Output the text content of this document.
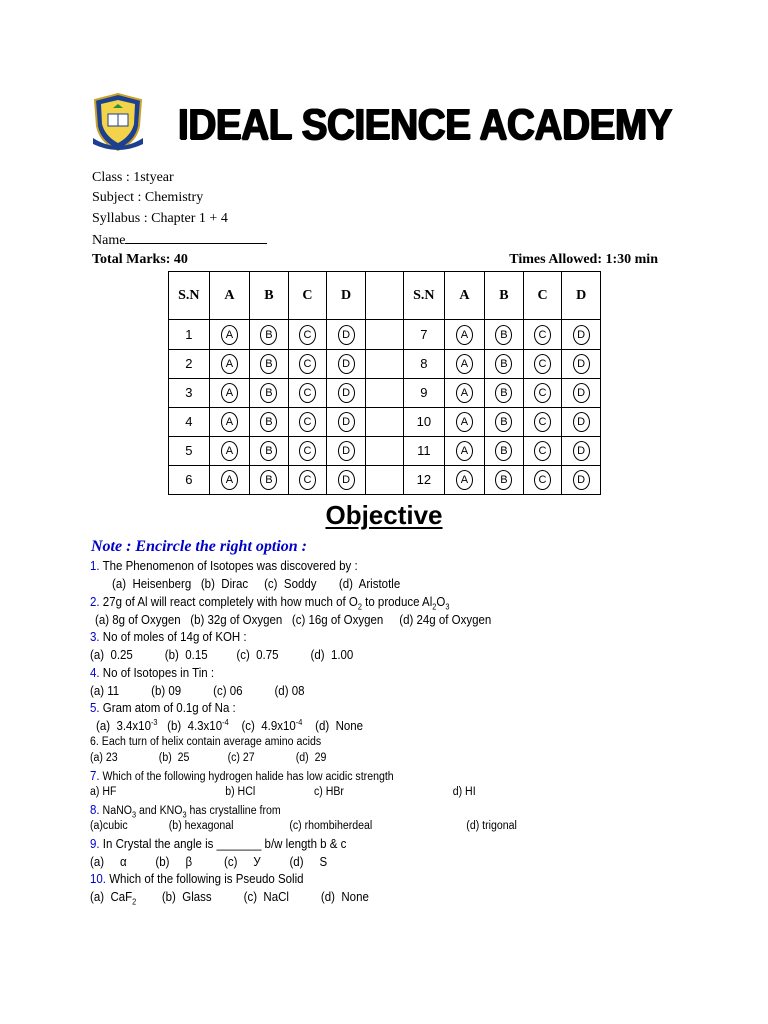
IDEAL SCIENCE ACADEMY
Class : 1styear
Subject : Chemistry
Syllabus : Chapter 1 + 4
Name
Total Marks: 40	Times Allowed: 1:30 min
S.N	A	B	C	D		S.N	A	B	C	D
1	A	B	C	D		7	A	B	C	D
2	A	B	C	D		8	A	B	C	D
3	A	B	C	D		9	A	B	C	D
4	A	B	C	D		10	A	B	C	D
5	A	B	C	D		11	A	B	C	D
6	A	B	C	D		12	A	B	C	D
Objective
Note : Encircle the right option :
1. The Phenomenon of Isotopes was discovered by :
(a)  Heisenberg   (b)  Dirac     (c)  Soddy       (d)  Aristotle
2. 27g of Al will react completely with how much of $O_2$ to produce $Al_2O_3$
(a) 8g of Oxygen   (b) 32g of Oxygen   (c) 16g of Oxygen     (d) 24g of Oxygen
3. No of moles of 14g of KOH :
(a)  0.25          (b)  0.15         (c)  0.75          (d)  1.00
4. No of Isotopes in Tin :
(a) 11          (b) 09          (c) 06          (d) 08
5. Gram atom of 0.1g of Na :
(a)  $3.4x10^{-3}$   (b)  $4.3x10^{-4}$    (c)  $4.9x10^{-4}$    (d)  None
6. Each turn of helix contain average amino acids
(a) 23              (b)  25             (c) 27              (d)  29
7. Which of the following hydrogen halide has low acidic strength
a) HF                                     b) HCl                    c) HBr                                     d) HI
8. NaNO$_3$ and $KNO_3$ has crystalline from
(a)cubic              (b) hexagonal                   (c) rhombiherdeal                                (d) trigonal
9. In Crystal the angle is _______ b/w length b & c
(a)     α         (b)     β          (c)     У         (d)     S
10. Which of the following is Pseudo Solid
(a)  CaF$_2$        (b)  Glass          (c)  NaCl          (d)  None
